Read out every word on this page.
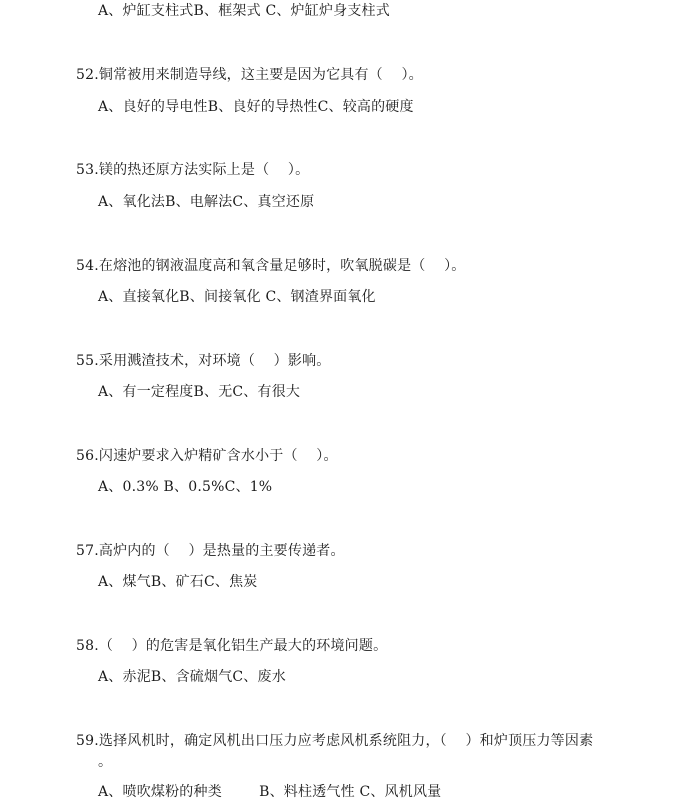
A、炉缸支柱式B、框架式 C、炉缸炉身支柱式
52.铜常被用来制造导线，这主要是因为它具有（    ）。
A、良好的导电性B、良好的导热性C、较高的硬度
53.镁的热还原方法实际上是（    ）。
A、氧化法B、电解法C、真空还原
54.在熔池的钢液温度高和氧含量足够时，吹氧脱碳是（    ）。
A、直接氧化B、间接氧化 C、钢渣界面氧化
55.采用溅渣技术，对环境（    ）影响。
A、有一定程度B、无C、有很大
56.闪速炉要求入炉精矿含水小于（    ）。
A、0.3% B、0.5%C、1%
57.高炉内的（    ）是热量的主要传递者。
A、煤气B、矿石C、焦炭
58.（    ）的危害是氧化铝生产最大的环境问题。
A、赤泥B、含硫烟气C、废水
59.选择风机时，确定风机出口压力应考虑风机系统阻力，（    ）和炉顶压力等因素
。
A、喷吹煤粉的种类        B、料柱透气性 C、风机风量
